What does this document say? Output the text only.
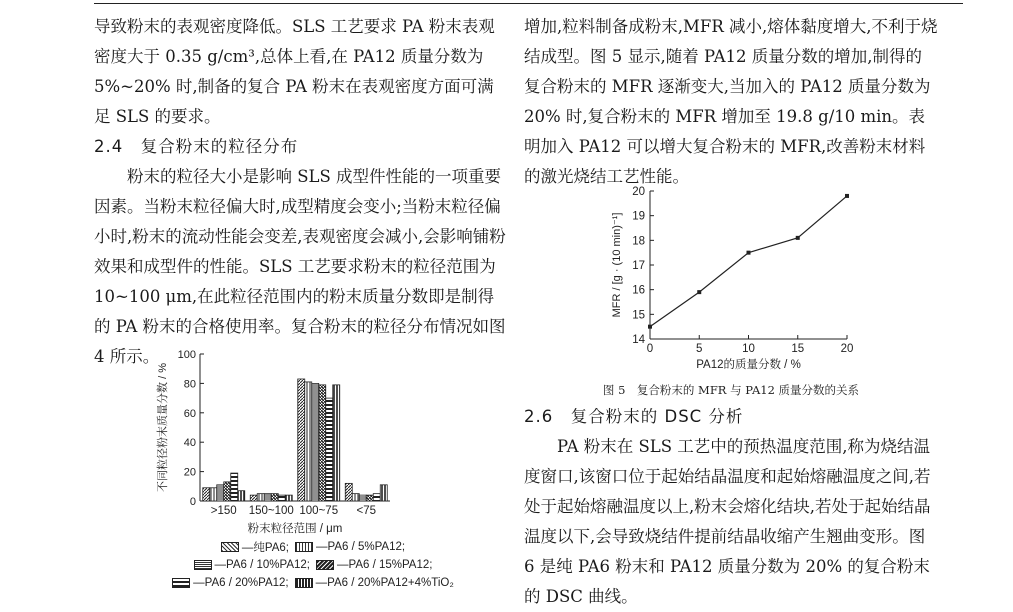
导致粉末的表观密度降低。SLS 工艺要求 PA 粉末表观密度大于 0.35 g/cm³,总体上看,在 PA12 质量分数为 5%~20% 时,制备的复合 PA 粉末在表观密度方面可满足 SLS 的要求。

2.4　复合粉末的粒径分布

粉末的粒径大小是影响 SLS 成型件性能的一项重要因素。当粉末粒径偏大时,成型精度会变小;当粉末粒径偏小时,粉末的流动性能会变差,表观密度会减小,会影响铺粉效果和成型件的性能。SLS 工艺要求粉末的粒径范围为 10~100 μm,在此粒径范围内的粉末质量分数即是制得的 PA 粉末的合格使用率。复合粉末的粒径分布情况如图 4 所示。

0
20
40
60
80
100
>150 150~100 100~75 <75
粉末粒径范围 / μm
不同粒径粉末质量分数 / %
—纯PA6; —PA6 / 5%PA12;
—PA6 / 10%PA12; —PA6 / 15%PA12;
—PA6 / 20%PA12; —PA6 / 20%PA12+4%TiO₂

增加,粒料制备成粉末,MFR 减小,熔体黏度增大,不利于烧结成型。图 5 显示,随着 PA12 质量分数的增加,制得的复合粉末的 MFR 逐渐变大,当加入的 PA12 质量分数为 20% 时,复合粉末的 MFR 增加至 19.8 g/10 min。表明加入 PA12 可以增大复合粉末的 MFR,改善粉末材料的激光烧结工艺性能。

14
15
16
17
18
19
20
0	5	10	15	20
PA12的质量分数 / %
MFR / [g · (10 min)⁻¹]
图 5　复合粉末的 MFR 与 PA12 质量分数的关系

2.6　复合粉末的 DSC 分析

PA 粉末在 SLS 工艺中的预热温度范围,称为烧结温度窗口,该窗口位于起始结晶温度和起始熔融温度之间,若处于起始熔融温度以上,粉末会熔化结块,若处于起始结晶温度以下,会导致烧结件提前结晶收缩产生翘曲变形。图 6 是纯 PA6 粉末和 PA12 质量分数为 20% 的复合粉末的 DSC 曲线。
